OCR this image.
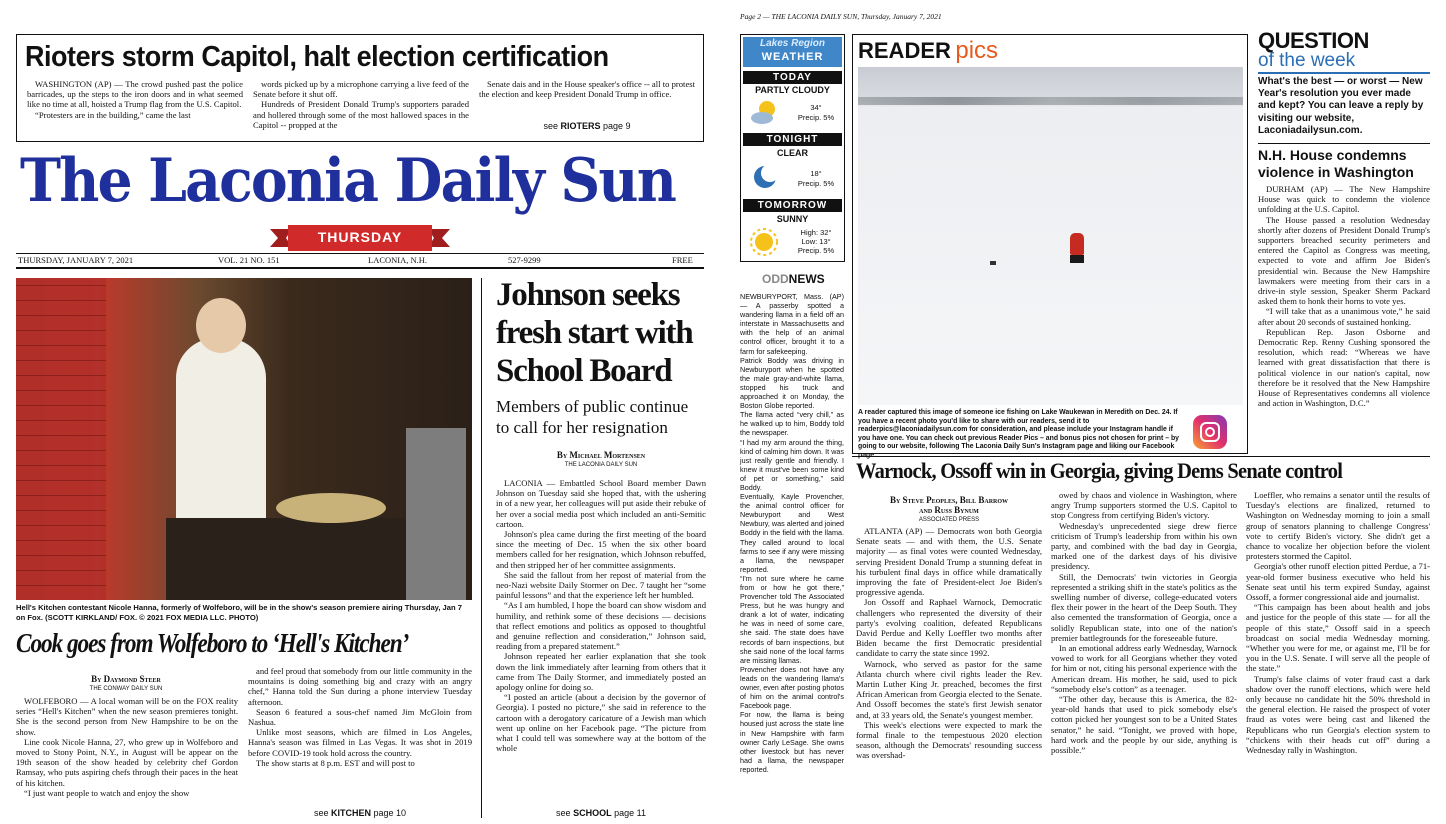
Rioters storm Capitol, halt election certification
WASHINGTON (AP) — The crowd pushed past the police barricades, up the steps to the iron doors and in what seemed like no time at all, hoisted a Trump flag from the U.S. Capitol.
“Protesters are in the building,” came the last
words picked up by a microphone carrying a live feed of the Senate before it shut off.
Hundreds of President Donald Trump's supporters paraded and hollered through some of the most hallowed spaces in the Capitol -- propped at the
Senate dais and in the House speaker's office -- all to protest the election and keep President Donald Trump in office.
see RIOTERS page 9
The Laconia Daily Sun
THURSDAY
THURSDAY, JANUARY 7, 2021	VOL. 21 NO. 151	LACONIA, N.H.	527-9299	FREE
Hell's Kitchen contestant Nicole Hanna, formerly of Wolfeboro, will be in the show's season premiere airing Thursday, Jan 7 on Fox. (SCOTT KIRKLAND/ FOX. © 2021 FOX MEDIA LLC. PHOTO)
Cook goes from Wolfeboro to ‘Hell's Kitchen’
By Daymond Steer
THE CONWAY DAILY SUN
WOLFEBORO — A local woman will be on the FOX reality series “Hell's Kitchen” when the new season premieres tonight. She is the second person from New Hampshire to be on the show.
Line cook Nicole Hanna, 27, who grew up in Wolfeboro and moved to Stony Point, N.Y., in August will be appear on the 19th season of the show headed by celebrity chef Gordon Ramsay, who puts aspiring chefs through their paces in the heat of his kitchen.
“I just want people to watch and enjoy the show
and feel proud that somebody from our little community in the mountains is doing something big and crazy with an angry chef,” Hanna told the Sun during a phone interview Tuesday afternoon.
Season 6 featured a sous-chef named Jim McGloin from Nashua.
Unlike most seasons, which are filmed in Los Angeles, Hanna's season was filmed in Las Vegas. It was shot in 2019 before COVID-19 took hold across the country.
The show starts at 8 p.m. EST and will post to
see KITCHEN page 10
Johnson seeks fresh start with School Board
Members of public continue to call for her resignation
By Michael Mortensen
THE LACONIA DAILY SUN
LACONIA — Embattled School Board member Dawn Johnson on Tuesday said she hoped that, with the ushering in of a new year, her colleagues will put aside their rebuke of her over a social media post which included an anti-Semitic cartoon.
Johnson's plea came during the first meeting of the board since the meeting of Dec. 15 when the six other board members called for her resignation, which Johnson rebuffed, and then stripped her of her committee assignments.
She said the fallout from her repost of material from the neo-Nazi website Daily Stormer on Dec. 7 taught her “some painful lessons” and that the experience left her humbled.
“As I am humbled, I hope the board can show wisdom and humility, and rethink some of these decisions — decisions that reflect emotions and politics as opposed to thoughtful and genuine reflection and consideration,” Johnson said, reading from a prepared statement.”
Johnson repeated her earlier explanation that she took down the link immediately after learning from others that it came from The Daily Stormer, and immediately posted an apology online for doing so.
“I posted an article (about a decision by the governor of Georgia). I posted no picture,” she said in reference to the cartoon with a derogatory caricature of a Jewish man which went up online on her Facebook page. “The picture from what I could tell was somewhere way at the bottom of the whole
see SCHOOL page 11
Page 2 — THE LACONIA DAILY SUN, Thursday, January 7, 2021
Lakes Region
WEATHER
TODAY
PARTLY CLOUDY
34°
Precip. 5%
TONIGHT
CLEAR
18°
Precip. 5%
TOMORROW
SUNNY
High: 32°
Low: 13°
Precip. 5%
ODDNEWS
NEWBURYPORT, Mass. (AP) — A passerby spotted a wandering llama in a field off an interstate in Massachusetts and with the help of an animal control officer, brought it to a farm for safekeeping.
Patrick Boddy was driving in Newburyport when he spotted the male gray-and-white llama, stopped his truck and approached it on Monday, the Boston Globe reported.
The llama acted “very chill,” as he walked up to him, Boddy told the newspaper.
“I had my arm around the thing, kind of calming him down. It was just really gentle and friendly. I knew it must've been some kind of pet or something,” said Boddy.
Eventually, Kayle Provencher, the animal control officer for Newburyport and West Newbury, was alerted and joined Boddy in the field with the llama. They called around to local farms to see if any were missing a llama, the newspaper reported.
“I'm not sure where he came from or how he got there,” Provencher told The Associated Press, but he was hungry and drank a lot of water, indicating he was in need of some care, she said. The state does have records of barn inspections, but she said none of the local farms are missing llamas.
Provencher does not have any leads on the wandering llama's owner, even after posting photos of him on the animal control's Facebook page.
For now, the llama is being housed just across the state line in New Hampshire with farm owner Carly LeSage. She owns other livestock but has never had a llama, the newspaper reported.
READER pics
A reader captured this image of someone ice fishing on Lake Waukewan in Meredith on Dec. 24. If you have a recent photo you'd like to share with our readers, send it to readerpics@laconiadailysun.com for consideration, and please include your Instagram handle if you have one. You can check out previous Reader Pics – and bonus pics not chosen for print – by going to our website, following The Laconia Daily Sun's Instagram page and liking our Facebook
QUESTION
of the week
What's the best — or worst — New Year's resolution you ever made and kept? You can leave a reply by visiting our website, Laconiadailysun.com.
N.H. House condemns violence in Washington
DURHAM (AP) — The New Hampshire House was quick to condemn the violence unfolding at the U.S. Capitol.
The House passed a resolution Wednesday shortly after dozens of President Donald Trump's supporters breached security perimeters and entered the Capitol as Congress was meeting, expected to vote and affirm Joe Biden's presidential win. Because the New Hampshire lawmakers were meeting from their cars in a drive-in style session, Speaker Sherm Packard asked them to honk their horns to vote yes.
“I will take that as a unanimous vote,” he said after about 20 seconds of sustained honking.
Republican Rep. Jason Osborne and Democratic Rep. Renny Cushing sponsored the resolution, which read: “Whereas we have learned with great dissatisfaction that there is political violence in our nation's capital, now therefore be it resolved that the New Hampshire House of Representatives condemns all violence and action in Washington, D.C.”
Warnock, Ossoff win in Georgia, giving Dems Senate control
By Steve Peoples, Bill Barrow
and Russ Bynum
ASSOCIATED PRESS
ATLANTA (AP) — Democrats won both Georgia Senate seats — and with them, the U.S. Senate majority — as final votes were counted Wednesday, serving President Donald Trump a stunning defeat in his turbulent final days in office while dramatically improving the fate of President-elect Joe Biden's progressive agenda.
Jon Ossoff and Raphael Warnock, Democratic challengers who represented the diversity of their party's evolving coalition, defeated Republicans David Perdue and Kelly Loeffler two months after Biden became the first Democratic presidential candidate to carry the state since 1992.
Warnock, who served as pastor for the same Atlanta church where civil rights leader the Rev. Martin Luther King Jr. preached, becomes the first African American from Georgia elected to the Senate. And Ossoff becomes the state's first Jewish senator and, at 33 years old, the Senate's youngest member.
This week's elections were expected to mark the formal finale to the tempestuous 2020 election season, although the Democrats' resounding success was overshad-
owed by chaos and violence in Washington, where angry Trump supporters stormed the U.S. Capitol to stop Congress from certifying Biden's victory.
Wednesday's unprecedented siege drew fierce criticism of Trump's leadership from within his own party, and combined with the bad day in Georgia, marked one of the darkest days of his divisive presidency.
Still, the Democrats' twin victories in Georgia represented a striking shift in the state's politics as the swelling number of diverse, college-educated voters flex their power in the heart of the Deep South. They also cemented the transformation of Georgia, once a solidly Republican state, into one of the nation's premier battlegrounds for the foreseeable future.
In an emotional address early Wednesday, Warnock vowed to work for all Georgians whether they voted for him or not, citing his personal experience with the American dream. His mother, he said, used to pick “somebody else's cotton” as a teenager.
“The other day, because this is America, the 82-year-old hands that used to pick somebody else's cotton picked her youngest son to be a United States senator,” he said. “Tonight, we proved with hope, hard work and the people by our side, anything is possible.”
Loeffler, who remains a senator until the results of Tuesday's elections are finalized, returned to Washington on Wednesday morning to join a small group of senators planning to challenge Congress' vote to certify Biden's victory. She didn't get a chance to vocalize her objection before the violent protesters stormed the Capitol.
Georgia's other runoff election pitted Perdue, a 71-year-old former business executive who held his Senate seat until his term expired Sunday, against Ossoff, a former congressional aide and journalist.
“This campaign has been about health and jobs and justice for the people of this state — for all the people of this state,” Ossoff said in a speech broadcast on social media Wednesday morning. “Whether you were for me, or against me, I'll be for you in the U.S. Senate. I will serve all the people of the state.”
Trump's false claims of voter fraud cast a dark shadow over the runoff elections, which were held only because no candidate hit the 50% threshold in the general election. He raised the prospect of voter fraud as votes were being cast and likened the Republicans who run Georgia's election system to “chickens with their heads cut off” during a Wednesday rally in Washington.
